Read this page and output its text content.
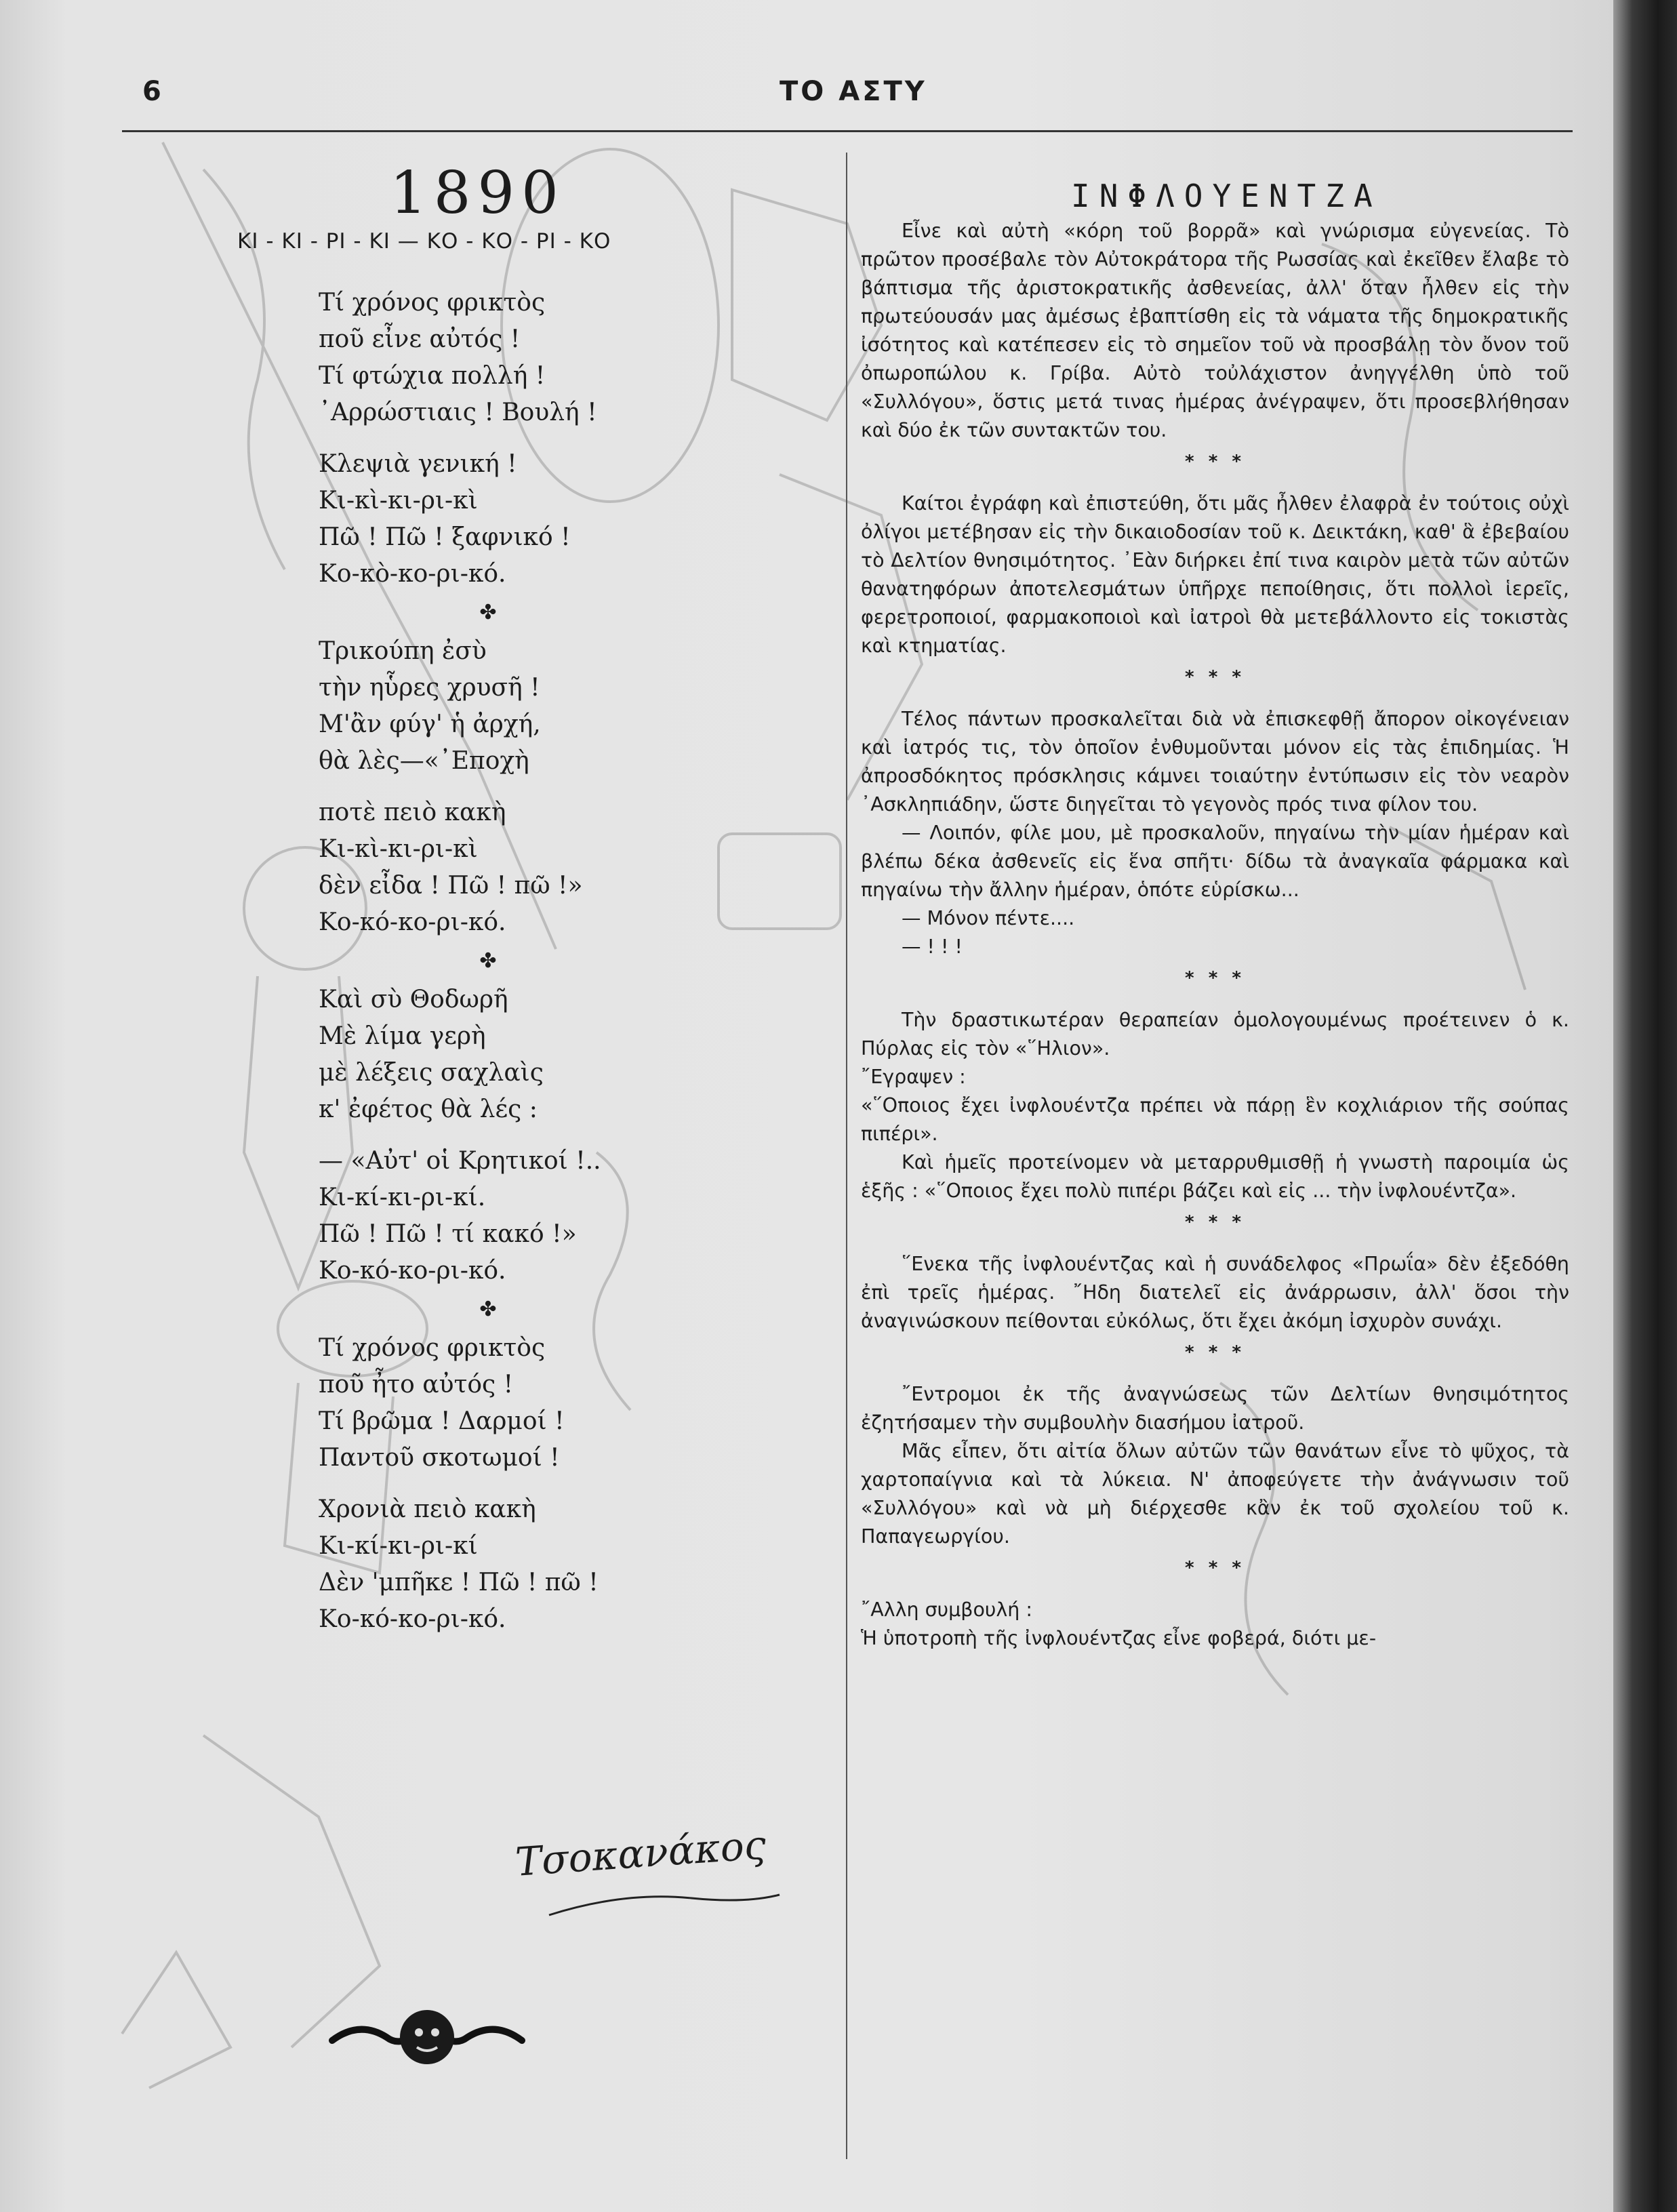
6	ΤΟ ΑΣΤΥ
1890
ΚΙ - ΚΙ - ΡΙ - ΚΙ — ΚΟ - ΚΟ - ΡΙ - ΚΟ
Τί χρόνος φρικτὸς
ποῦ εἶνε αὐτός !
Τί φτώχια πολλή !
᾿Αρρώστιαις ! Βουλή !
Κλεψιὰ γενική !
Κι-κὶ-κι-ρι-κὶ
Πῶ ! Πῶ ! ξαφνικό !
Κο-κὸ-κο-ρι-κό.
✤
Τρικούπη ἐσὺ
τὴν ηὗρες χρυσῆ !
Μ'ἂν φύγ' ἡ ἀρχή,
θὰ λὲς—«᾿Εποχὴ
ποτὲ πειὸ κακὴ
Κι-κὶ-κι-ρι-κὶ
δὲν εἶδα ! Πῶ ! πῶ !»
Κο-κό-κο-ρι-κό.
✤
Καὶ σὺ Θοδωρῆ
Μὲ λίμα γερὴ
μὲ λέξεις σαχλαὶς
κ' ἐφέτος θὰ λές :
— «Αὐτ' οἱ Κρητικοί !..
Κι-κί-κι-ρι-κί.
Πῶ ! Πῶ ! τί κακό !»
Κο-κό-κο-ρι-κό.
✤
Τί χρόνος φρικτὸς
ποῦ ἦτο αὐτός !
Τί βρῶμα ! Δαρμοί !
Παντοῦ σκοτωμοί !
Χρονιὰ πειὸ κακὴ
Κι-κί-κι-ρι-κί
Δὲν 'μπῆκε ! Πῶ ! πῶ !
Κο-κό-κο-ρι-κό.
Τσοκανάκος
ΙΝΦΛΟΥΕΝΤΖΑ

Εἶνε καὶ αὐτὴ «κόρη τοῦ βορρᾶ» καὶ γνώρισμα εὐγενείας. Τὸ πρῶτον προσέβαλε τὸν Αὐτοκράτορα τῆς Ρωσσίας καὶ ἐκεῖθεν ἔλαβε τὸ βάπτισμα τῆς ἀριστοκρατικῆς ἀσθενείας, ἀλλ' ὅταν ἦλθεν εἰς τὴν πρωτεύουσάν μας ἀμέσως ἐβαπτίσθη εἰς τὰ νάματα τῆς δημοκρατικῆς ἰσότητος καὶ κατέπεσεν εἰς τὸ σημεῖον τοῦ νὰ προσβάλῃ τὸν ὄνον τοῦ ὀπωροπώλου κ. Γρίβα. Αὐτὸ τοὐλάχιστον ἀνηγγέλθη ὑπὸ τοῦ «Συλλόγου», ὅστις μετά τινας ἡμέρας ἀνέγραψεν, ὅτι προσεβλήθησαν καὶ δύο ἐκ τῶν συντακτῶν του.

* * *

Καίτοι ἐγράφη καὶ ἐπιστεύθη, ὅτι μᾶς ἦλθεν ἐλαφρὰ ἐν τούτοις οὐχὶ ὀλίγοι μετέβησαν εἰς τὴν δικαιοδοσίαν τοῦ κ. Δεικτάκη, καθ' ἃ ἐβεβαίου τὸ Δελτίον θνησιμότητος. ᾿Εὰν διήρκει ἐπί τινα καιρὸν μετὰ τῶν αὐτῶν θανατηφόρων ἀποτελεσμάτων ὑπῆρχε πεποίθησις, ὅτι πολλοὶ ἱερεῖς, φερετροποιοί, φαρμακοποιοὶ καὶ ἰατροὶ θὰ μετεβάλλοντο εἰς τοκιστὰς καὶ κτηματίας.

* * *

Τέλος πάντων προσκαλεῖται διὰ νὰ ἐπισκεφθῇ ἄπορον οἰκογένειαν καὶ ἰατρός τις, τὸν ὁποῖον ἐνθυμοῦνται μόνον εἰς τὰς ἐπιδημίας. Ἡ ἀπροσδόκητος πρόσκλησις κάμνει τοιαύτην ἐντύπωσιν εἰς τὸν νεαρὸν ᾿Ασκληπιάδην, ὥστε διηγεῖται τὸ γεγονὸς πρός τινα φίλον του.

— Λοιπόν, φίλε μου, μὲ προσκαλοῦν, πηγαίνω τὴν μίαν ἡμέραν καὶ βλέπω δέκα ἀσθενεῖς εἰς ἕνα σπῆτι· δίδω τὰ ἀναγκαῖα φάρμακα καὶ πηγαίνω τὴν ἄλλην ἡμέραν, ὁπότε εὑρίσκω...

— Μόνον πέντε....

— ! ! !

* * *

Τὴν δραστικωτέραν θεραπείαν ὁμολογουμένως προέτεινεν ὁ κ. Πύρλας εἰς τὸν «῞Ηλιον».

῎Εγραψεν :

«῞Οποιος ἔχει ἰνφλουέντζα πρέπει νὰ πάρῃ ἓν κοχλιάριον τῆς σούπας πιπέρι».

Καὶ ἡμεῖς προτείνομεν νὰ μεταρρυθμισθῇ ἡ γνωστὴ παροιμία ὡς ἑξῆς : «῞Οποιος ἔχει πολὺ πιπέρι βάζει καὶ εἰς ... τὴν ἰνφλουέντζα».

* * *

῞Ενεκα τῆς ἰνφλουέντζας καὶ ἡ συνάδελφος «Πρωΐα» δὲν ἐξεδόθη ἐπὶ τρεῖς ἡμέρας. ῎Ηδη διατελεῖ εἰς ἀνάρρωσιν, ἀλλ' ὅσοι τὴν ἀναγινώσκουν πείθονται εὐκόλως, ὅτι ἔχει ἀκόμη ἰσχυρὸν συνάχι.

* * *

῎Εντρομοι ἐκ τῆς ἀναγνώσεως τῶν Δελτίων θνησιμότητος ἐζητήσαμεν τὴν συμβουλὴν διασήμου ἰατροῦ.

Μᾶς εἶπεν, ὅτι αἰτία ὅλων αὐτῶν τῶν θανάτων εἶνε τὸ ψῦχος, τὰ χαρτοπαίγνια καὶ τὰ λύκεια. Ν' ἀποφεύγετε τὴν ἀνάγνωσιν τοῦ «Συλλόγου» καὶ νὰ μὴ διέρχεσθε κἂν ἐκ τοῦ σχολείου τοῦ κ. Παπαγεωργίου.

* * *

῎Αλλη συμβουλή :

Ἡ ὑποτροπὴ τῆς ἰνφλουέντζας εἶνε φοβερά, διότι με-
